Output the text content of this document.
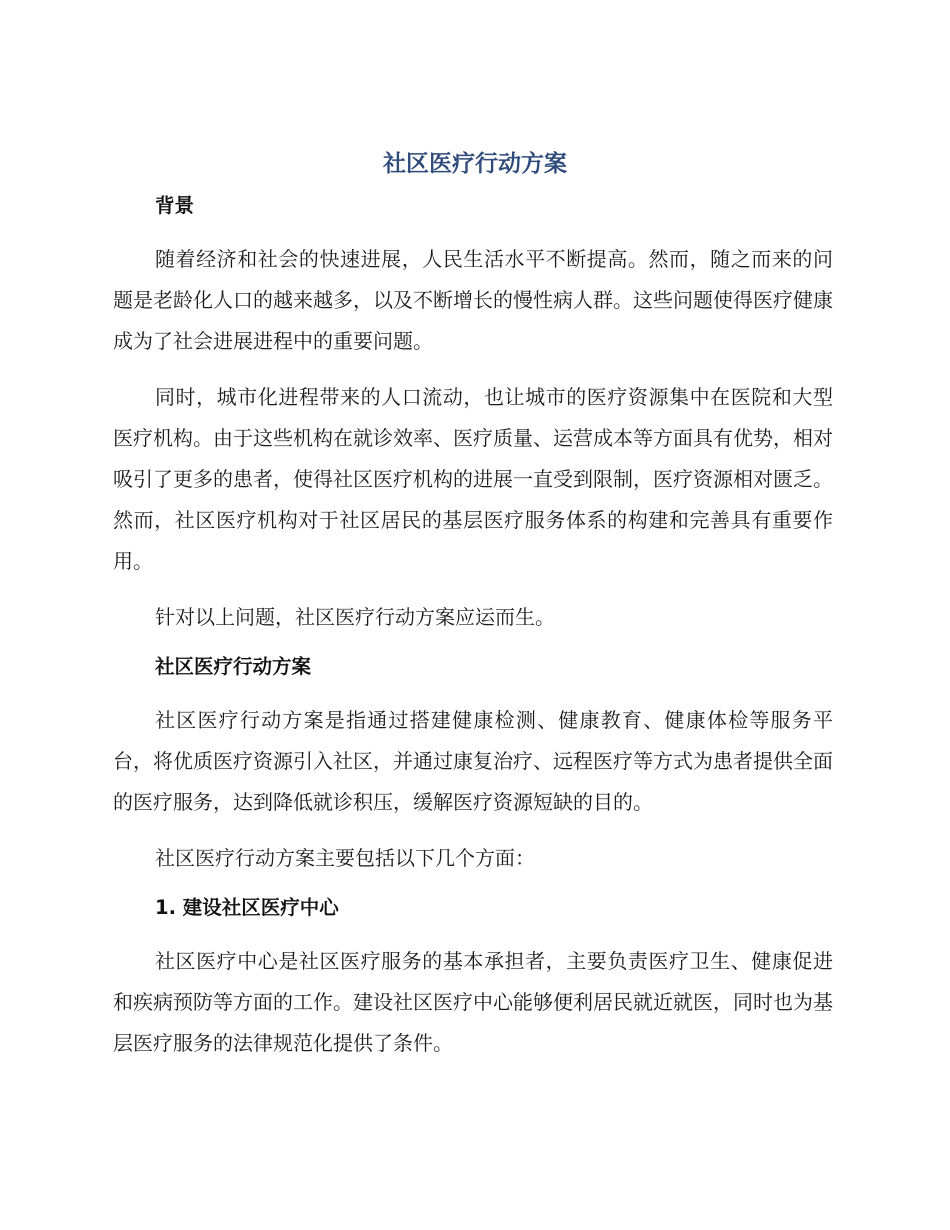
社区医疗行动方案
背景

随着经济和社会的快速进展，人民生活水平不断提高。然而，随之而来的问题是老龄化人口的越来越多，以及不断增长的慢性病人群。这些问题使得医疗健康成为了社会进展进程中的重要问题。

同时，城市化进程带来的人口流动，也让城市的医疗资源集中在医院和大型医疗机构。由于这些机构在就诊效率、医疗质量、运营成本等方面具有优势，相对吸引了更多的患者，使得社区医疗机构的进展一直受到限制，医疗资源相对匮乏。然而，社区医疗机构对于社区居民的基层医疗服务体系的构建和完善具有重要作用。

针对以上问题，社区医疗行动方案应运而生。

社区医疗行动方案

社区医疗行动方案是指通过搭建健康检测、健康教育、健康体检等服务平台，将优质医疗资源引入社区，并通过康复治疗、远程医疗等方式为患者提供全面的医疗服务，达到降低就诊积压，缓解医疗资源短缺的目的。

社区医疗行动方案主要包括以下几个方面：

1. 建设社区医疗中心

社区医疗中心是社区医疗服务的基本承担者，主要负责医疗卫生、健康促进和疾病预防等方面的工作。建设社区医疗中心能够便利居民就近就医，同时也为基层医疗服务的法律规范化提供了条件。
